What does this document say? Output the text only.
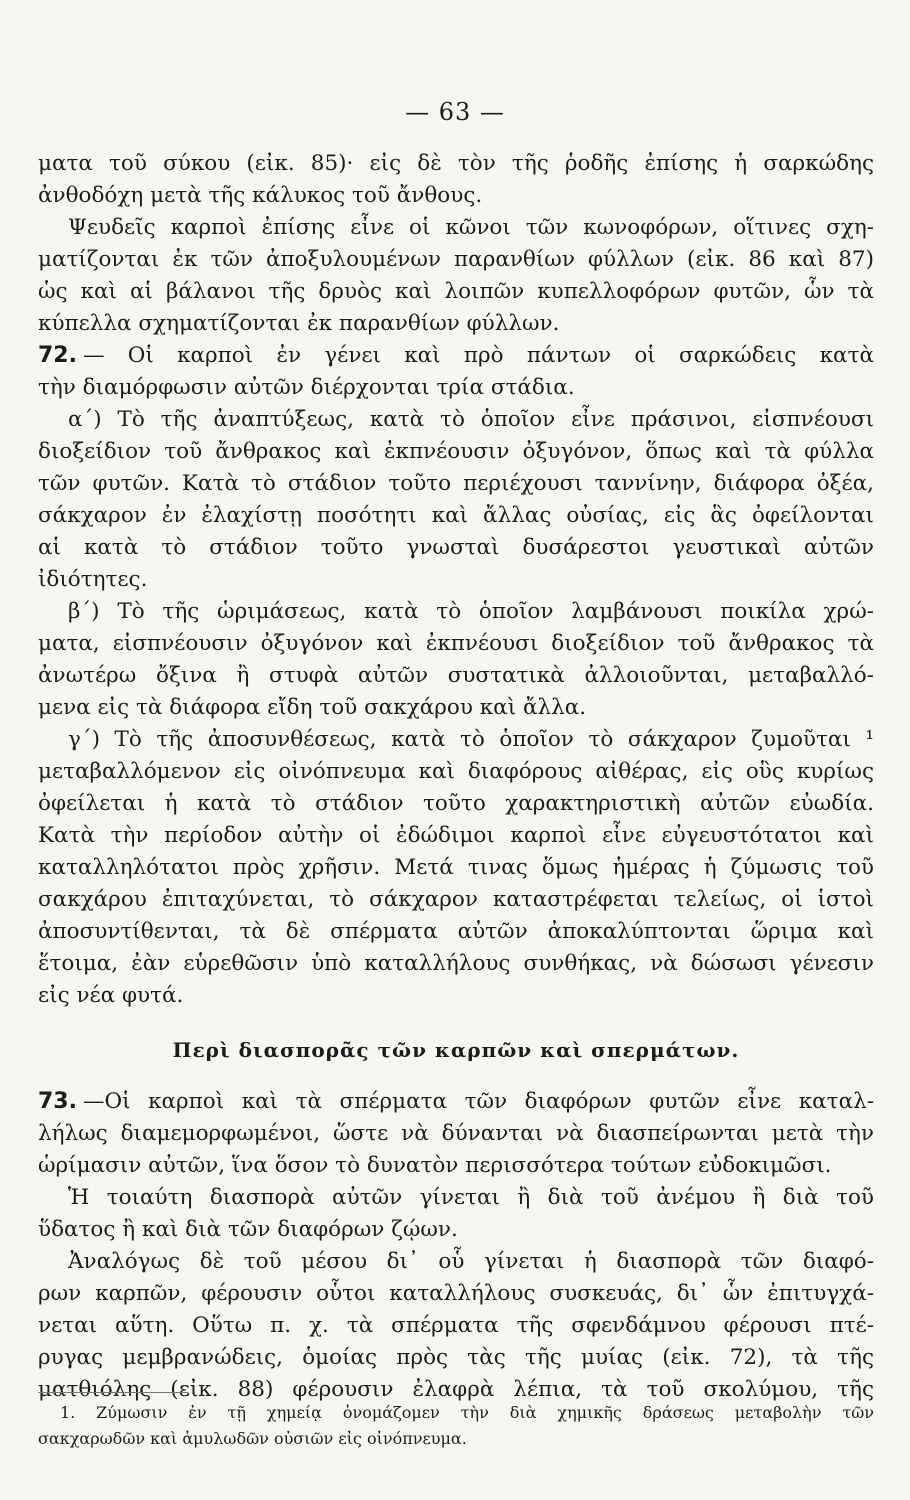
— 63 —
ματα τοῦ σύκου (εἰκ. 85)· εἰς δὲ τὸν τῆς ῥοδῆς ἐπίσης ἡ σαρκώδης
ἀνθοδόχη μετὰ τῆς κάλυκος τοῦ ἄνθους.
Ψευδεῖς καρποὶ ἐπίσης εἶνε οἱ κῶνοι τῶν κωνοφόρων, οἵτινες σχη-
ματίζονται ἐκ τῶν ἀποξυλουμένων παρανθίων φύλλων (εἰκ. 86 καὶ 87)
ὡς καὶ αἱ βάλανοι τῆς δρυὸς καὶ λοιπῶν κυπελλοφόρων φυτῶν, ὧν τὰ
κύπελλα σχηματίζονται ἐκ παρανθίων φύλλων.
72. — Οἱ καρποὶ ἐν γένει καὶ πρὸ πάντων οἱ σαρκώδεις κατὰ
τὴν διαμόρφωσιν αὐτῶν διέρχονται τρία στάδια.
α΄) Τὸ τῆς ἀναπτύξεως, κατὰ τὸ ὁποῖον εἶνε πράσινοι, εἰσπνέουσι
διοξείδιον τοῦ ἄνθρακος καὶ ἐκπνέουσιν ὀξυγόνον, ὅπως καὶ τὰ φύλλα
τῶν φυτῶν. Κατὰ τὸ στάδιον τοῦτο περιέχουσι ταννίνην, διάφορα ὀξέα,
σάκχαρον ἐν ἐλαχίστῃ ποσότητι καὶ ἄλλας οὐσίας, εἰς ἃς ὀφείλονται
αἱ κατὰ τὸ στάδιον τοῦτο γνωσταὶ δυσάρεστοι γευστικαὶ αὐτῶν
ἰδιότητες.
β΄) Τὸ τῆς ὡριμάσεως, κατὰ τὸ ὁποῖον λαμβάνουσι ποικίλα χρώ-
ματα, εἰσπνέουσιν ὀξυγόνον καὶ ἐκπνέουσι διοξείδιον τοῦ ἄνθρακος τὰ
ἀνωτέρω ὄξινα ἢ στυφὰ αὐτῶν συστατικὰ ἀλλοιοῦνται, μεταβαλλό-
μενα εἰς τὰ διάφορα εἴδη τοῦ σακχάρου καὶ ἄλλα.
γ΄) Τὸ τῆς ἀποσυνθέσεως, κατὰ τὸ ὁποῖον τὸ σάκχαρον ζυμοῦται ¹
μεταβαλλόμενον εἰς οἰνόπνευμα καὶ διαφόρους αἰθέρας, εἰς οὓς κυρίως
ὀφείλεται ἡ κατὰ τὸ στάδιον τοῦτο χαρακτηριστικὴ αὐτῶν εὐωδία.
Κατὰ τὴν περίοδον αὐτὴν οἱ ἐδώδιμοι καρποὶ εἶνε εὐγευστότατοι καὶ
καταλληλότατοι πρὸς χρῆσιν. Μετά τινας ὅμως ἡμέρας ἡ ζύμωσις τοῦ
σακχάρου ἐπιταχύνεται, τὸ σάκχαρον καταστρέφεται τελείως, οἱ ἱστοὶ
ἀποσυντίθενται, τὰ δὲ σπέρματα αὐτῶν ἀποκαλύπτονται ὥριμα καὶ
ἕτοιμα, ἐὰν εὑρεθῶσιν ὑπὸ καταλλήλους συνθήκας, νὰ δώσωσι γένεσιν
εἰς νέα φυτά.
Περὶ διασπορᾶς τῶν καρπῶν καὶ σπερμάτων.
73. —Οἱ καρποὶ καὶ τὰ σπέρματα τῶν διαφόρων φυτῶν εἶνε καταλ-
λήλως διαμεμορφωμένοι, ὥστε νὰ δύνανται νὰ διασπείρωνται μετὰ τὴν
ὡρίμασιν αὐτῶν, ἵνα ὅσον τὸ δυνατὸν περισσότερα τούτων εὐδοκιμῶσι.
Ἡ τοιαύτη διασπορὰ αὐτῶν γίνεται ἢ διὰ τοῦ ἀνέμου ἢ διὰ τοῦ
ὕδατος ἢ καὶ διὰ τῶν διαφόρων ζῴων.
Ἀναλόγως δὲ τοῦ μέσου δι᾽ οὗ γίνεται ἡ διασπορὰ τῶν διαφό-
ρων καρπῶν, φέρουσιν οὗτοι καταλλήλους συσκευάς, δι᾽ ὧν ἐπιτυγχά-
νεται αὕτη. Οὕτω π. χ. τὰ σπέρματα τῆς σφενδάμνου φέρουσι πτέ-
ρυγας μεμβρανώδεις, ὁμοίας πρὸς τὰς τῆς μυίας (εἰκ. 72), τὰ τῆς
ματθιόλης (εἰκ. 88) φέρουσιν ἐλαφρὰ λέπια, τὰ τοῦ σκολύμου, τῆς
1. Ζύμωσιν ἐν τῇ χημείᾳ ὀνομάζομεν τὴν διὰ χημικῆς δράσεως μεταβολὴν τῶν
σακχαρωδῶν καὶ ἀμυλωδῶν οὐσιῶν εἰς οἰνόπνευμα.
